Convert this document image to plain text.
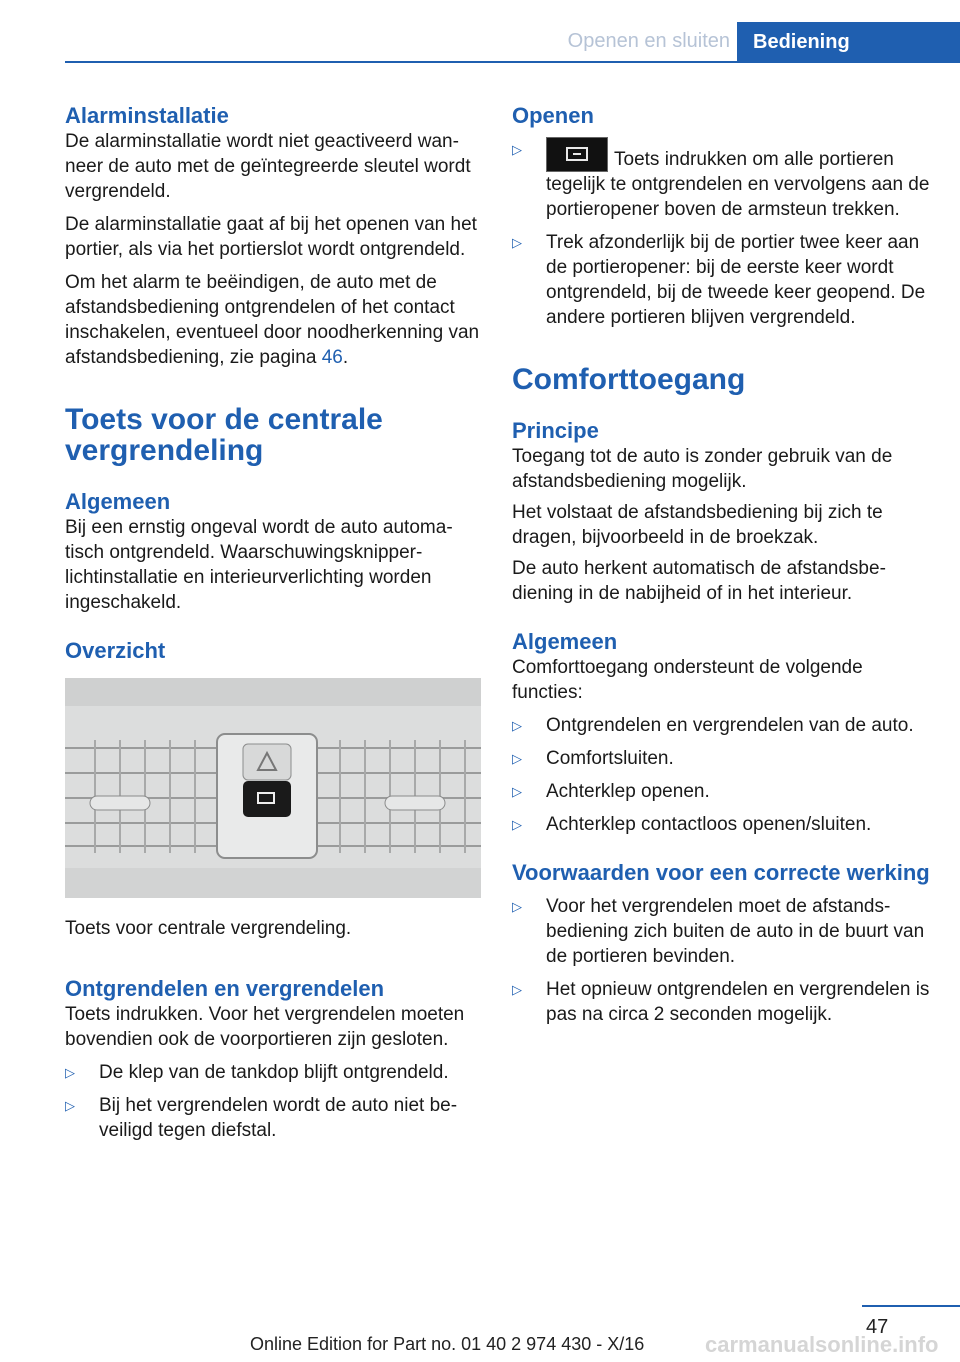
Openen en sluiten	Bediening
Alarminstallatie

De alarminstallatie wordt niet geactiveerd wanneer de auto met de geïntegreerde sleutel wordt vergrendeld.

De alarminstallatie gaat af bij het openen van het portier, als via het portierslot wordt ontgrendeld.

Om het alarm te beëindigen, de auto met de afstandsbediening ontgrendelen of het contact inschakelen, eventueel door noodherkenning van afstandsbediening, zie pagina 46.

Toets voor de centrale vergrendeling
Algemeen

Bij een ernstig ongeval wordt de auto automatisch ontgrendeld. Waarschuwingsknipperlichtinstallatie en interieurverlichting worden ingeschakeld.

Overzicht

Toets voor centrale vergrendeling.

Ontgrendelen en vergrendelen

Toets indrukken. Voor het vergrendelen moeten bovendien ook de voorportieren zijn gesloten.

▷ De klep van de tankdop blijft ontgrendeld.
▷ Bij het vergrendelen wordt de auto niet beveiligd tegen diefstal.
Openen
▷	Toets indrukken om alle portieren tegelijk te ontgrendelen en vervolgens aan de portieropener boven de armsteun trekken.
▷ Trek afzonderlijk bij de portier twee keer aan de portieropener: bij de eerste keer wordt ontgrendeld, bij de tweede keer geopend. De andere portieren blijven vergrendeld.
Comforttoegang
Principe

Toegang tot de auto is zonder gebruik van de afstandsbediening mogelijk.

Het volstaat de afstandsbediening bij zich te dragen, bijvoorbeeld in de broekzak.

De auto herkent automatisch de afstandsbediening in de nabijheid of in het interieur.

Algemeen

Comforttoegang ondersteunt de volgende functies:

▷ Ontgrendelen en vergrendelen van de auto.
▷ Comfortsluiten.
▷ Achterklep openen.
▷ Achterklep contactloos openen/sluiten.
Voorwaarden voor een correcte werking
▷ Voor het vergrendelen moet de afstandsbediening zich buiten de auto in de buurt van de portieren bevinden.
▷ Het opnieuw ontgrendelen en vergrendelen is pas na circa 2 seconden mogelijk.
47
Online Edition for Part no. 01 40 2 974 430 - X/16	carmanualsonline.info
